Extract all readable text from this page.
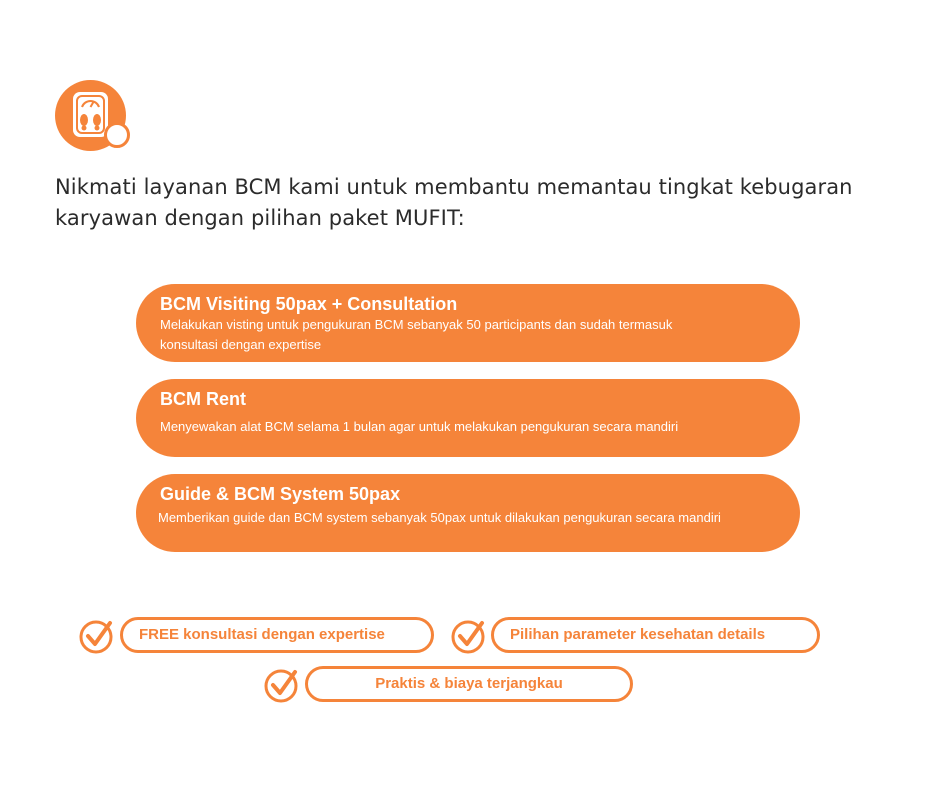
Nikmati layanan BCM kami untuk membantu memantau tingkat kebugaran
karyawan dengan pilihan paket MUFIT:
BCM Visiting 50pax + Consultation
Melakukan visting untuk pengukuran BCM sebanyak 50 participants dan sudah termasuk
konsultasi dengan expertise
BCM Rent
Menyewakan alat BCM selama 1 bulan agar untuk melakukan pengukuran secara mandiri
Guide & BCM System 50pax
Memberikan guide dan BCM system sebanyak 50pax untuk dilakukan pengukuran secara mandiri
FREE konsultasi dengan expertise	Pilihan parameter kesehatan details
Praktis & biaya terjangkau
